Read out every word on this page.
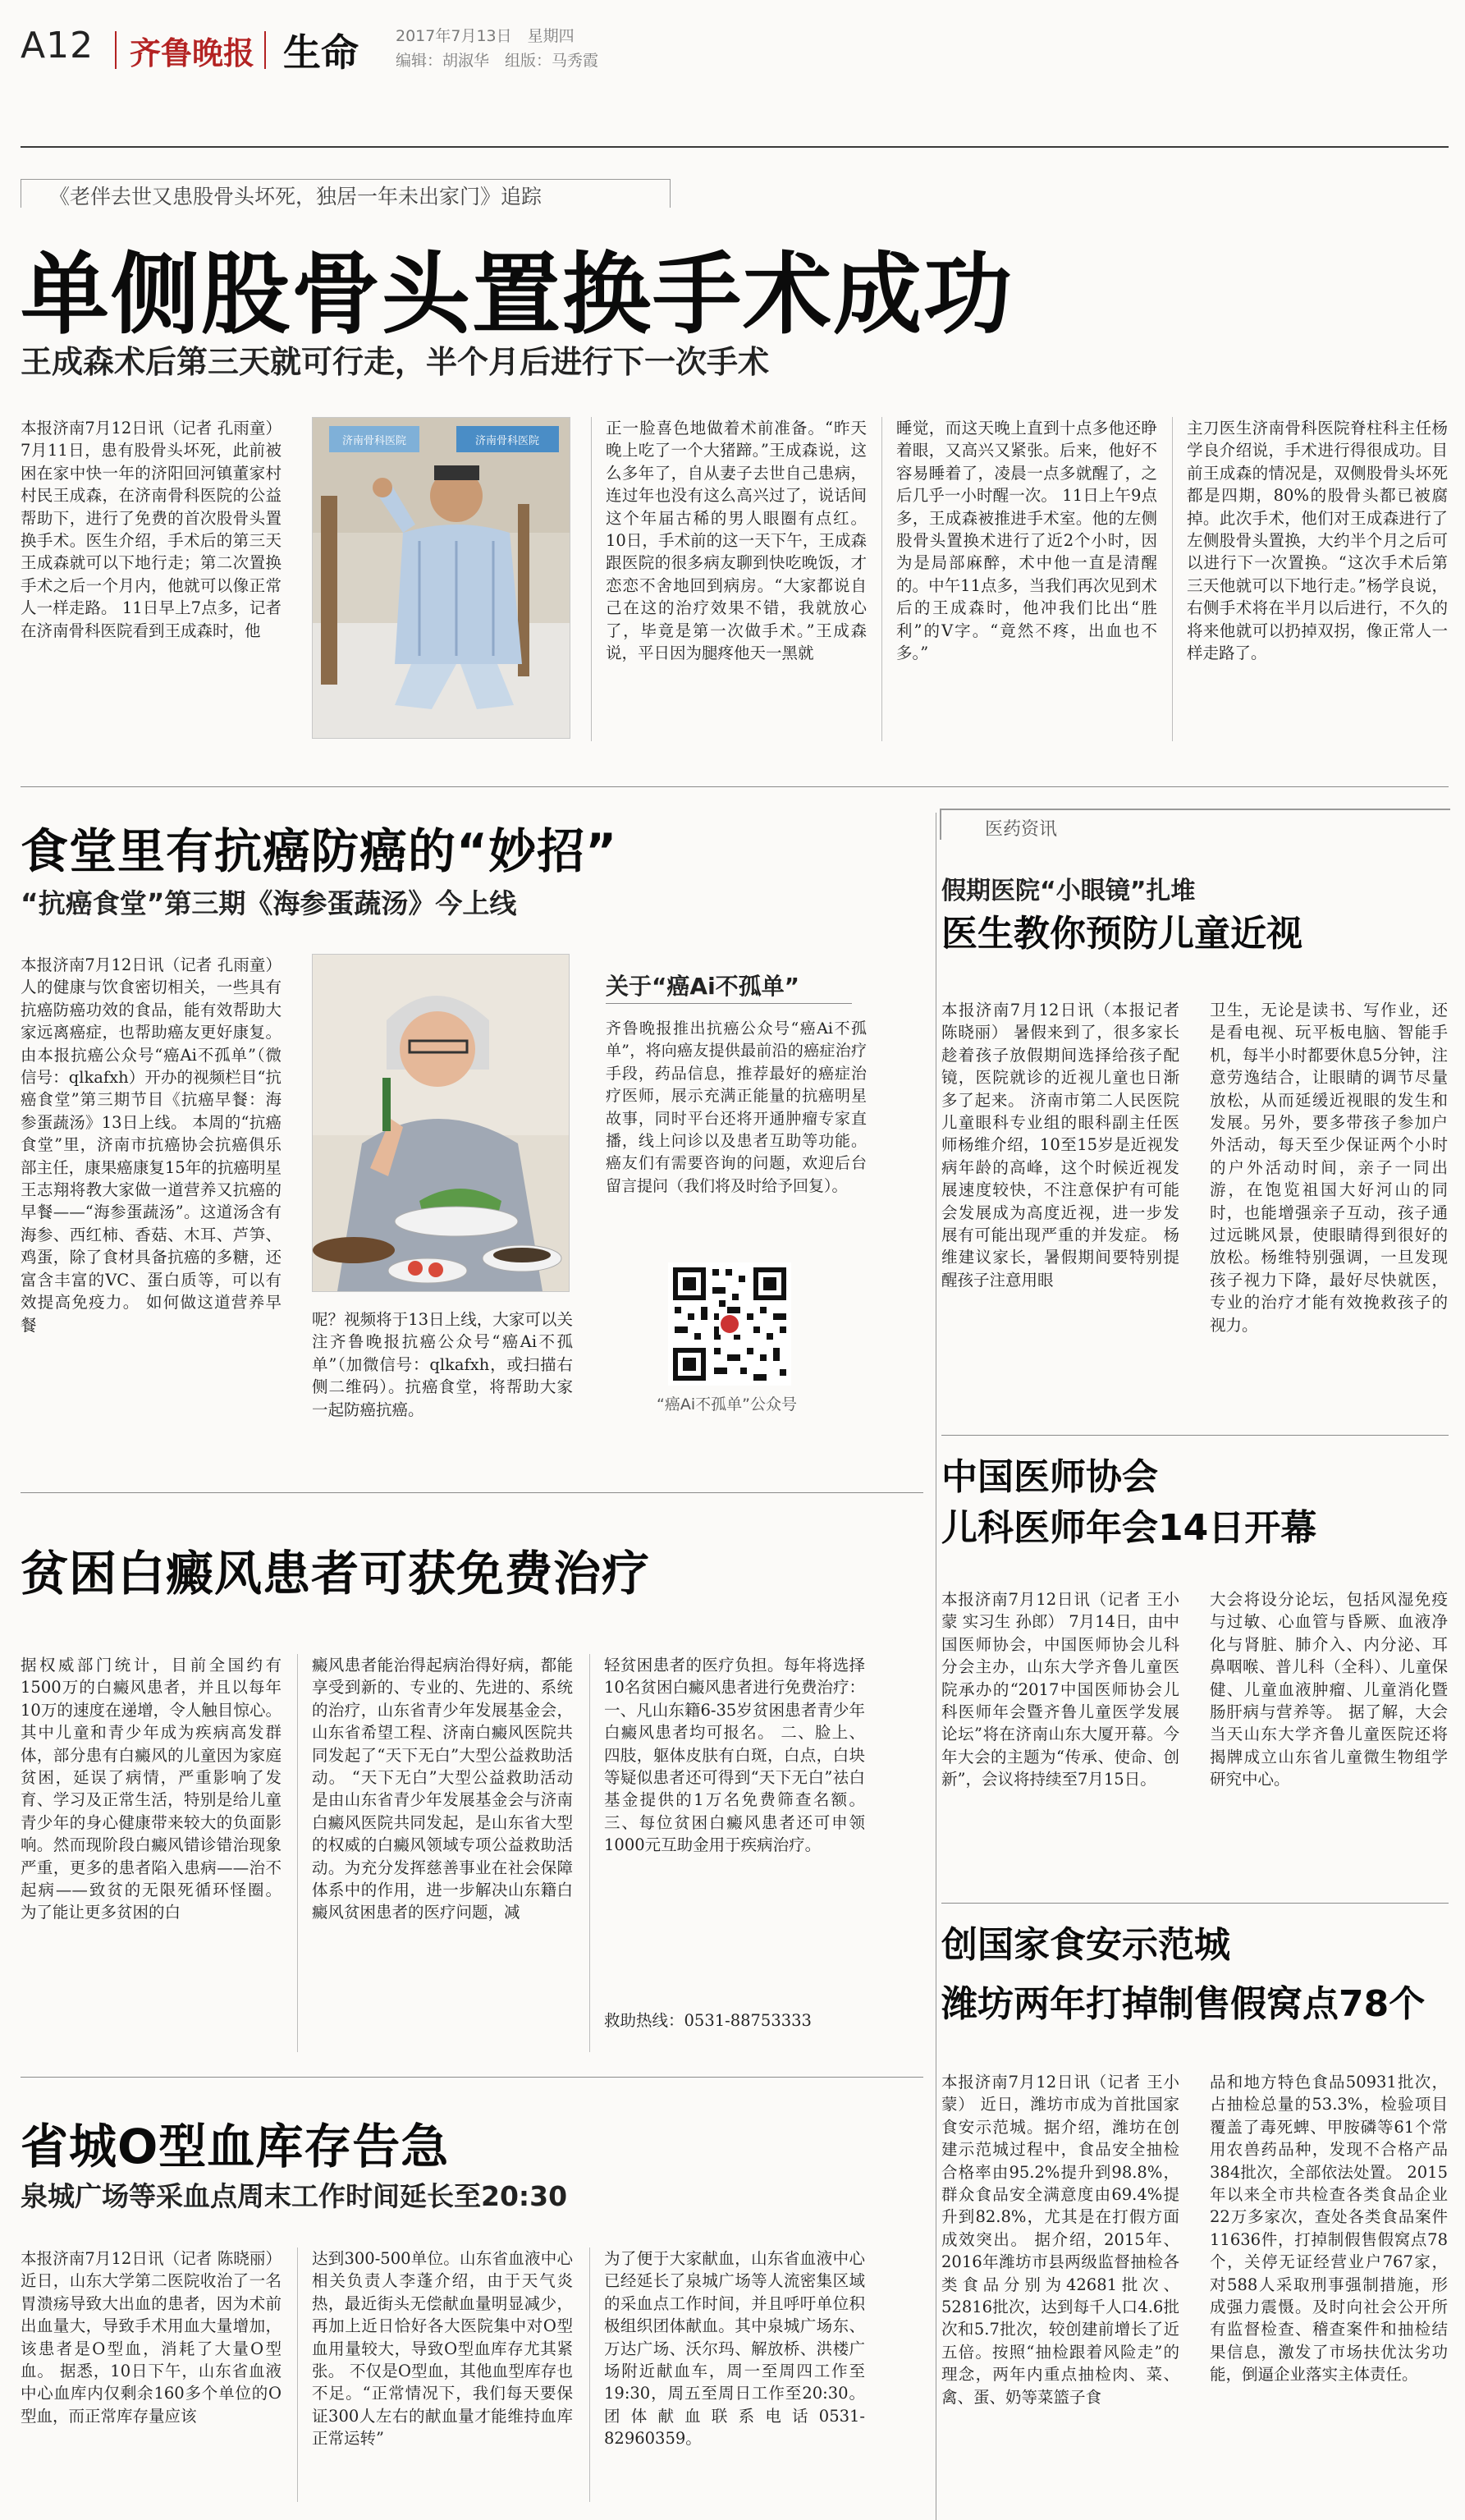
A12 齐鲁晚报 生命 2017年7月13日　星期四
编辑：胡淑华　组版：马秀霞
《老伴去世又患股骨头坏死，独居一年未出家门》追踪
单侧股骨头置换手术成功
王成森术后第三天就可行走，半个月后进行下一次手术
本报济南7月12日讯（记者 孔雨童） 7月11日，患有股骨头坏死，此前被困在家中快一年的济阳回河镇董家村村民王成森，在济南骨科医院的公益帮助下，进行了免费的首次股骨头置换手术。医生介绍，手术后的第三天王成森就可以下地行走；第二次置换手术之后一个月内，他就可以像正常人一样走路。 11日早上7点多，记者在济南骨科医院看到王成森时，他
济南骨科医院	济南骨科医院
正一脸喜色地做着术前准备。“昨天晚上吃了一个大猪蹄。”王成森说，这么多年了，自从妻子去世自己患病，连过年也没有这么高兴过了，说话间这个年届古稀的男人眼圈有点红。 10日，手术前的这一天下午，王成森跟医院的很多病友聊到快吃晚饭，才恋恋不舍地回到病房。“大家都说自己在这的治疗效果不错，我就放心了，毕竟是第一次做手术。”王成森说，平日因为腿疼他天一黑就
睡觉，而这天晚上直到十点多他还睁着眼，又高兴又紧张。后来，他好不容易睡着了，凌晨一点多就醒了，之后几乎一小时醒一次。 11日上午9点多，王成森被推进手术室。他的左侧股骨头置换术进行了近2个小时，因为是局部麻醉，术中他一直是清醒的。中午11点多，当我们再次见到术后的王成森时，他冲我们比出“胜利”的V字。“竟然不疼，出血也不多。”
主刀医生济南骨科医院脊柱科主任杨学良介绍说，手术进行得很成功。目前王成森的情况是，双侧股骨头坏死都是四期，80%的股骨头都已被腐掉。此次手术，他们对王成森进行了左侧股骨头置换，大约半个月之后可以进行下一次置换。“这次手术后第三天他就可以下地行走。”杨学良说，右侧手术将在半月以后进行，不久的将来他就可以扔掉双拐，像正常人一样走路了。
食堂里有抗癌防癌的“妙招”
“抗癌食堂”第三期《海参蛋蔬汤》今上线
本报济南7月12日讯（记者 孔雨童） 人的健康与饮食密切相关，一些具有抗癌防癌功效的食品，能有效帮助大家远离癌症，也帮助癌友更好康复。由本报抗癌公众号“癌Ai不孤单”（微信号：qlkafxh）开办的视频栏目“抗癌食堂”第三期节目《抗癌早餐：海参蛋蔬汤》13日上线。 本周的“抗癌食堂”里，济南市抗癌协会抗癌俱乐部主任，康果癌康复15年的抗癌明星王志翔将教大家做一道营养又抗癌的早餐——“海参蛋蔬汤”。这道汤含有海参、西红柿、香菇、木耳、芦笋、鸡蛋，除了食材具备抗癌的多糖，还富含丰富的VC、蛋白质等，可以有效提高免疫力。 如何做这道营养早餐	呢？视频将于13日上线，大家可以关注齐鲁晚报抗癌公众号“癌Ai不孤单”（加微信号：qlkafxh，或扫描右侧二维码）。抗癌食堂，将帮助大家一起防癌抗癌。
关于“癌Ai不孤单”
齐鲁晚报推出抗癌公众号“癌Ai不孤单”，将向癌友提供最前沿的癌症治疗手段，药品信息，推荐最好的癌症治疗医师，展示充满正能量的抗癌明星故事，同时平台还将开通肿瘤专家直播，线上问诊以及患者互助等功能。癌友们有需要咨询的问题，欢迎后台留言提问（我们将及时给予回复）。
“癌Ai不孤单”公众号
医药资讯
假期医院“小眼镜”扎堆
医生教你预防儿童近视
本报济南7月12日讯（本报记者 陈晓丽） 暑假来到了，很多家长趁着孩子放假期间选择给孩子配镜，医院就诊的近视儿童也日渐多了起来。 济南市第二人民医院儿童眼科专业组的眼科副主任医师杨维介绍，10至15岁是近视发病年龄的高峰，这个时候近视发展速度较快，不注意保护有可能会发展成为高度近视，进一步发展有可能出现严重的并发症。 杨维建议家长，暑假期间要特别提醒孩子注意用眼
卫生，无论是读书、写作业，还是看电视、玩平板电脑、智能手机，每半小时都要休息5分钟，注意劳逸结合，让眼睛的调节尽量放松，从而延缓近视眼的发生和发展。另外，要多带孩子参加户外活动，每天至少保证两个小时的户外活动时间，亲子一同出游，在饱览祖国大好河山的同时，也能增强亲子互动，孩子通过远眺风景，使眼睛得到很好的放松。杨维特别强调，一旦发现孩子视力下降，最好尽快就医，专业的治疗才能有效挽救孩子的视力。
中国医师协会
儿科医师年会14日开幕
本报济南7月12日讯（记者 王小蒙 实习生 孙郎） 7月14日，由中国医师协会，中国医师协会儿科分会主办，山东大学齐鲁儿童医院承办的“2017中国医师协会儿科医师年会暨齐鲁儿童医学发展论坛”将在济南山东大厦开幕。今年大会的主题为“传承、使命、创新”，会议将持续至7月15日。
大会将设分论坛，包括风湿免疫与过敏、心血管与昏厥、血液净化与肾脏、肺介入、内分泌、耳鼻咽喉、普儿科（全科）、儿童保健、儿童血液肿瘤、儿童消化暨肠肝病与营养等。 据了解，大会当天山东大学齐鲁儿童医院还将揭牌成立山东省儿童微生物组学研究中心。
创国家食安示范城
潍坊两年打掉制售假窝点78个
本报济南7月12日讯（记者 王小蒙） 近日，潍坊市成为首批国家食安示范城。据介绍，潍坊在创建示范城过程中，食品安全抽检合格率由95.2%提升到98.8%，群众食品安全满意度由69.4%提升到82.8%，尤其是在打假方面成效突出。 据介绍，2015年、2016年潍坊市县两级监督抽检各类食品分别为42681批次、52816批次，达到每千人口4.6批次和5.7批次，较创建前增长了近五倍。按照“抽检跟着风险走”的理念，两年内重点抽检肉、菜、禽、蛋、奶等菜篮子食
品和地方特色食品50931批次，占抽检总量的53.3%，检验项目覆盖了毒死蜱、甲胺磷等61个常用农兽药品种，发现不合格产品384批次，全部依法处置。 2015年以来全市共检查各类食品企业22万多家次，查处各类食品案件11636件，打掉制假售假窝点78个，关停无证经营业户767家，对588人采取刑事强制措施，形成强力震慑。及时向社会公开所有监督检查、稽查案件和抽检结果信息，激发了市场扶优汰劣功能，倒逼企业落实主体责任。
贫困白癜风患者可获免费治疗
据权威部门统计，目前全国约有1500万的白癜风患者，并且以每年10万的速度在递增，令人触目惊心。其中儿童和青少年成为疾病高发群体，部分患有白癜风的儿童因为家庭贫困，延误了病情，严重影响了发育、学习及正常生活，特别是给儿童青少年的身心健康带来较大的负面影响。然而现阶段白癜风错诊错治现象严重，更多的患者陷入患病——治不起病——致贫的无限死循环怪圈。 为了能让更多贫困的白
癜风患者能治得起病治得好病，都能享受到新的、专业的、先进的、系统的治疗，山东省青少年发展基金会，山东省希望工程、济南白癜风医院共同发起了“天下无白”大型公益救助活动。 “天下无白”大型公益救助活动是由山东省青少年发展基金会与济南白癜风医院共同发起，是山东省大型的权威的白癜风领域专项公益救助活动。为充分发挥慈善事业在社会保障体系中的作用，进一步解决山东籍白癜风贫困患者的医疗问题，减
轻贫困患者的医疗负担。每年将选择10名贫困白癜风患者进行免费治疗： 一、凡山东籍6-35岁贫困患者青少年白癜风患者均可报名。 二、脸上、四肢，躯体皮肤有白斑，白点，白块等疑似患者还可得到“天下无白”祛白基金提供的1万名免费筛查名额。 三、每位贫困白癜风患者还可申领1000元互助金用于疾病治疗。
救助热线：0531-88753333
省城O型血库存告急
泉城广场等采血点周末工作时间延长至20:30
本报济南7月12日讯（记者 陈晓丽） 近日，山东大学第二医院收治了一名胃溃疡导致大出血的患者，因为术前出血量大，导致手术用血大量增加，该患者是O型血，消耗了大量O型血。 据悉，10日下午，山东省血液中心血库内仅剩余160多个单位的O型血，而正常库存量应该
达到300-500单位。山东省血液中心相关负责人李蓬介绍，由于天气炎热，最近街头无偿献血量明显减少，再加上近日恰好各大医院集中对O型血用量较大，导致O型血库存尤其紧张。 不仅是O型血，其他血型库存也不足。“正常情况下，我们每天要保证300人左右的献血量才能维持血库正常运转”
为了便于大家献血，山东省血液中心已经延长了泉城广场等人流密集区域的采血点工作时间，并且呼吁单位积极组织团体献血。其中泉城广场东、万达广场、沃尔玛、解放桥、洪楼广场附近献血车，周一至周四工作至19:30，周五至周日工作至20:30。团体献血联系电话0531-82960359。
